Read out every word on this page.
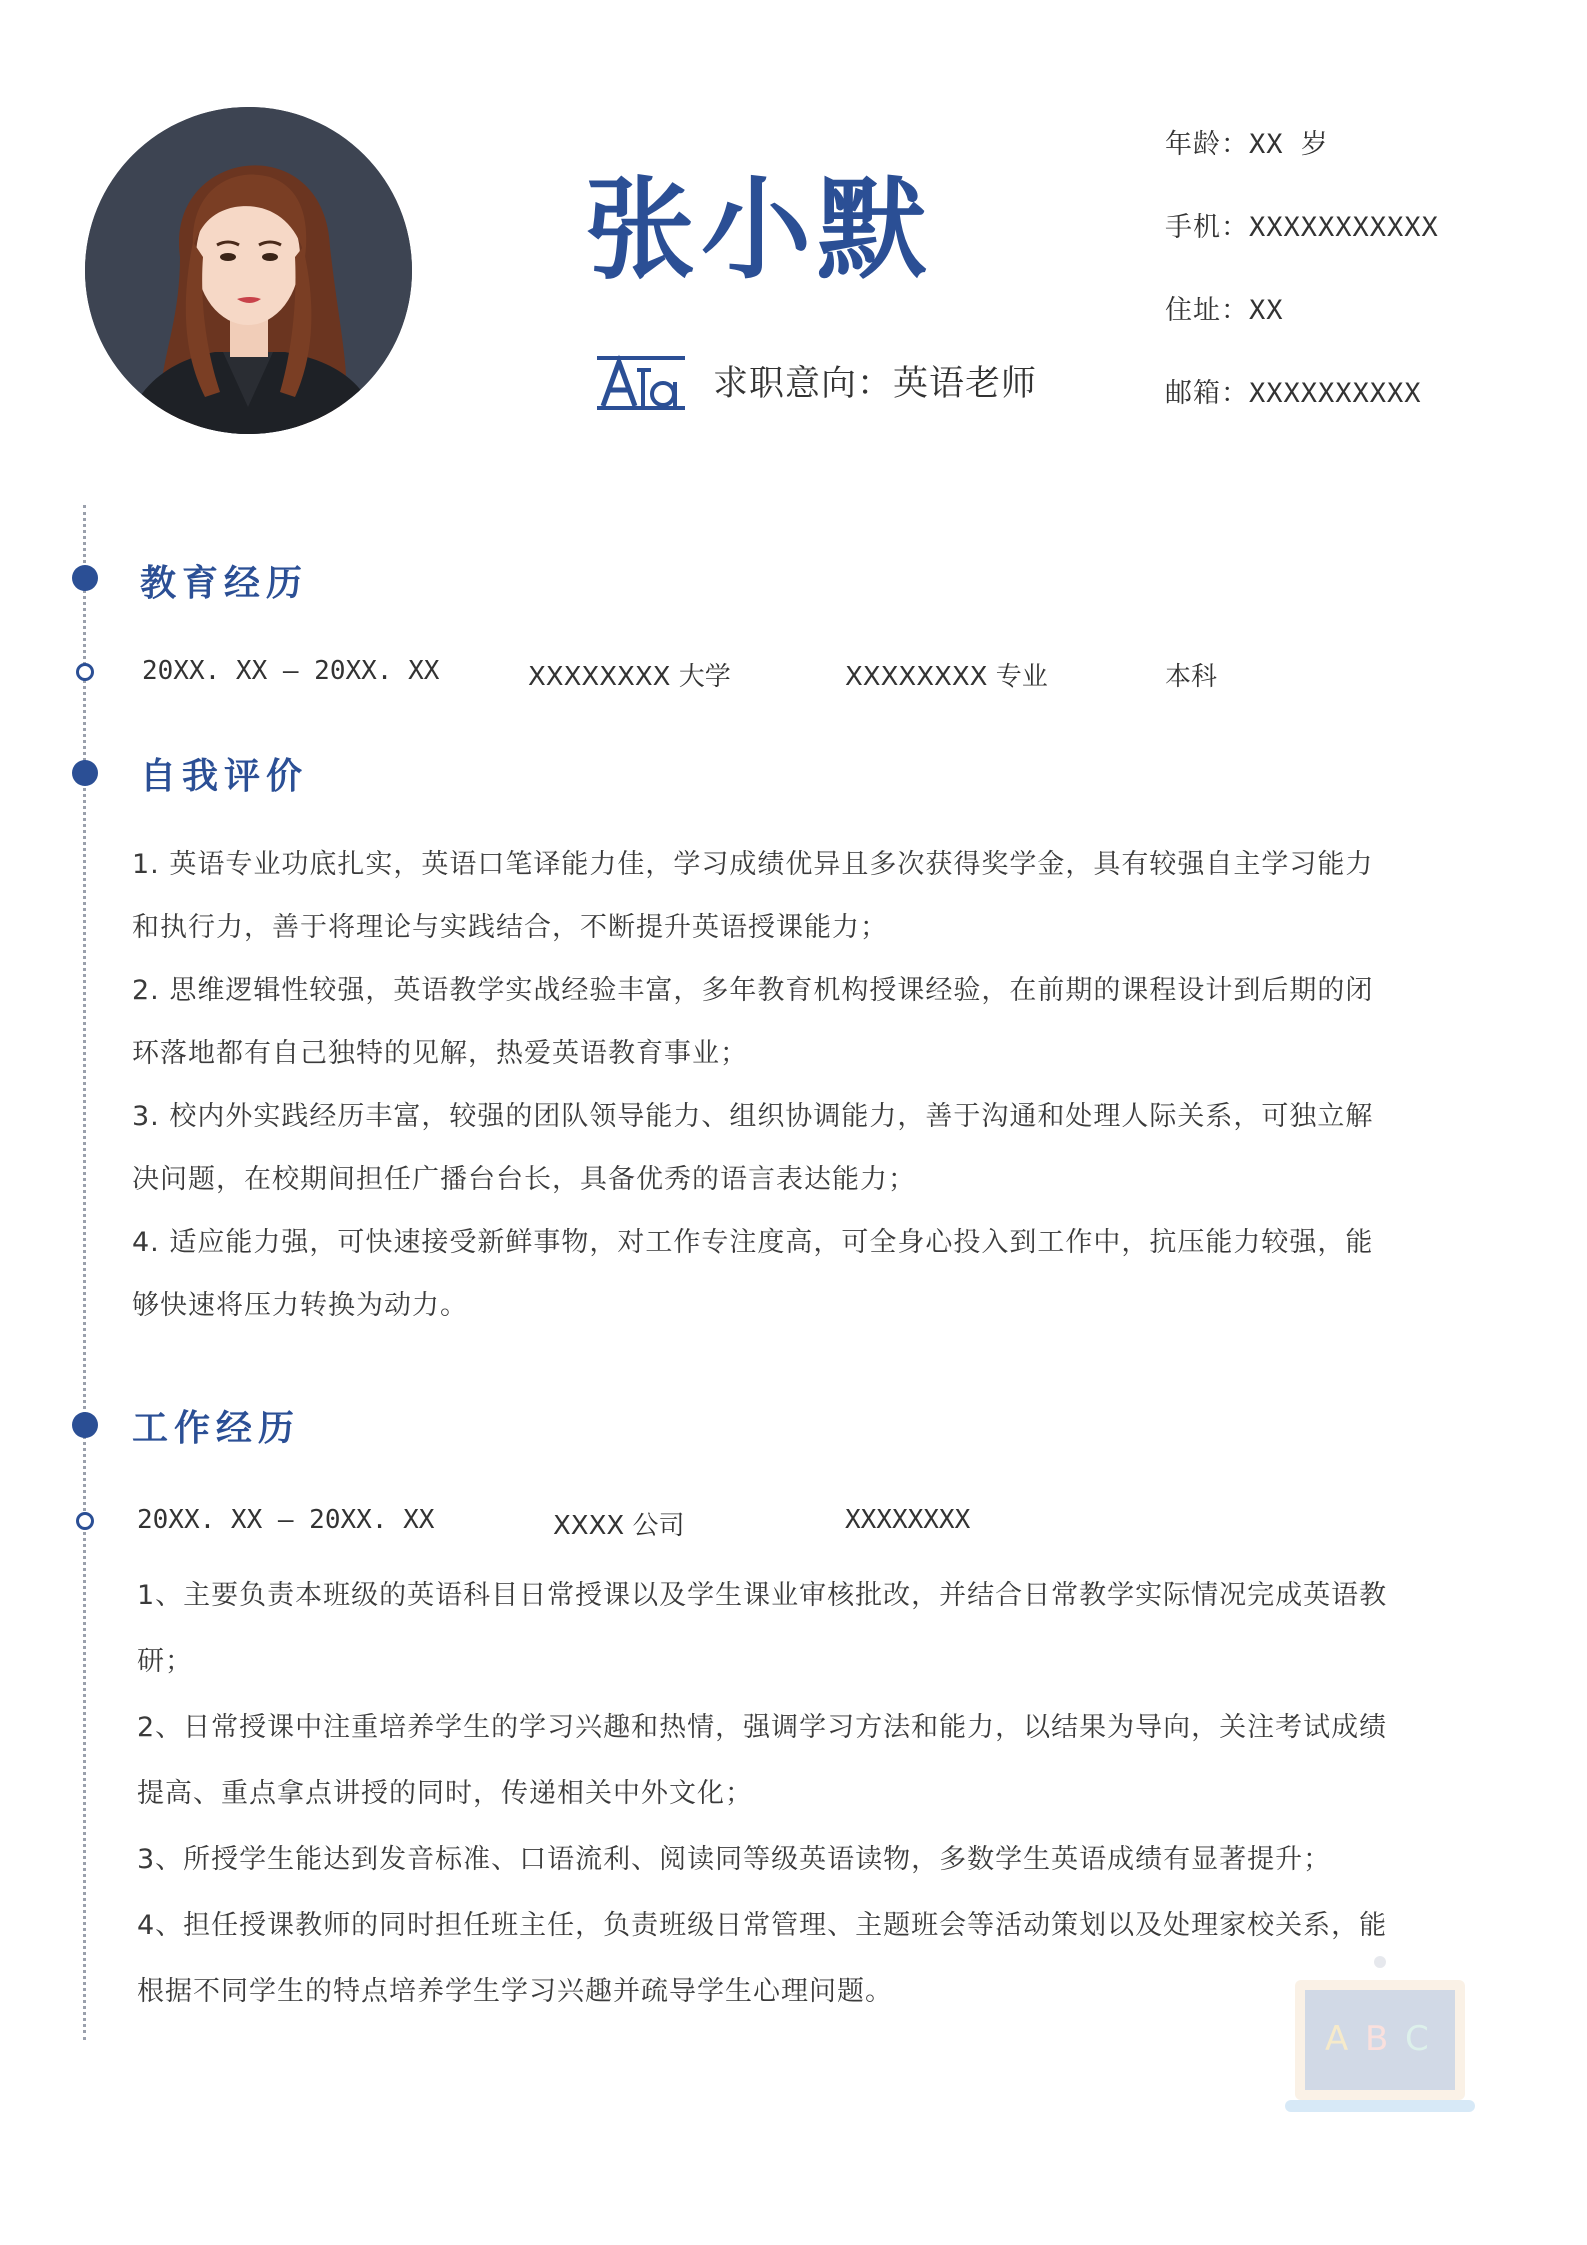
张小默
求职意向：英语老师
年龄：XX 岁
手机：XXXXXXXXXXX
住址：XX
邮箱：XXXXXXXXXX
教育经历
20XX. XX – 20XX. XX	XXXXXXXX 大学	XXXXXXXX 专业	本科
自我评价

1. 英语专业功底扎实，英语口笔译能力佳，学习成绩优异且多次获得奖学金，具有较强自主学习能力

和执行力，善于将理论与实践结合，不断提升英语授课能力；

2. 思维逻辑性较强，英语教学实战经验丰富，多年教育机构授课经验，在前期的课程设计到后期的闭

环落地都有自己独特的见解，热爱英语教育事业；

3. 校内外实践经历丰富，较强的团队领导能力、组织协调能力，善于沟通和处理人际关系，可独立解

决问题，在校期间担任广播台台长，具备优秀的语言表达能力；

4. 适应能力强，可快速接受新鲜事物，对工作专注度高，可全身心投入到工作中，抗压能力较强，能

够快速将压力转换为动力。

工作经历
20XX. XX – 20XX. XX	XXXX 公司	XXXXXXXX

1、主要负责本班级的英语科目日常授课以及学生课业审核批改，并结合日常教学实际情况完成英语教

研；

2、日常授课中注重培养学生的学习兴趣和热情，强调学习方法和能力，以结果为导向，关注考试成绩

提高、重点拿点讲授的同时，传递相关中外文化；

3、所授学生能达到发音标准、口语流利、阅读同等级英语读物，多数学生英语成绩有显著提升；

4、担任授课教师的同时担任班主任，负责班级日常管理、主题班会等活动策划以及处理家校关系，能

根据不同学生的特点培养学生学习兴趣并疏导学生心理问题。

A B C
